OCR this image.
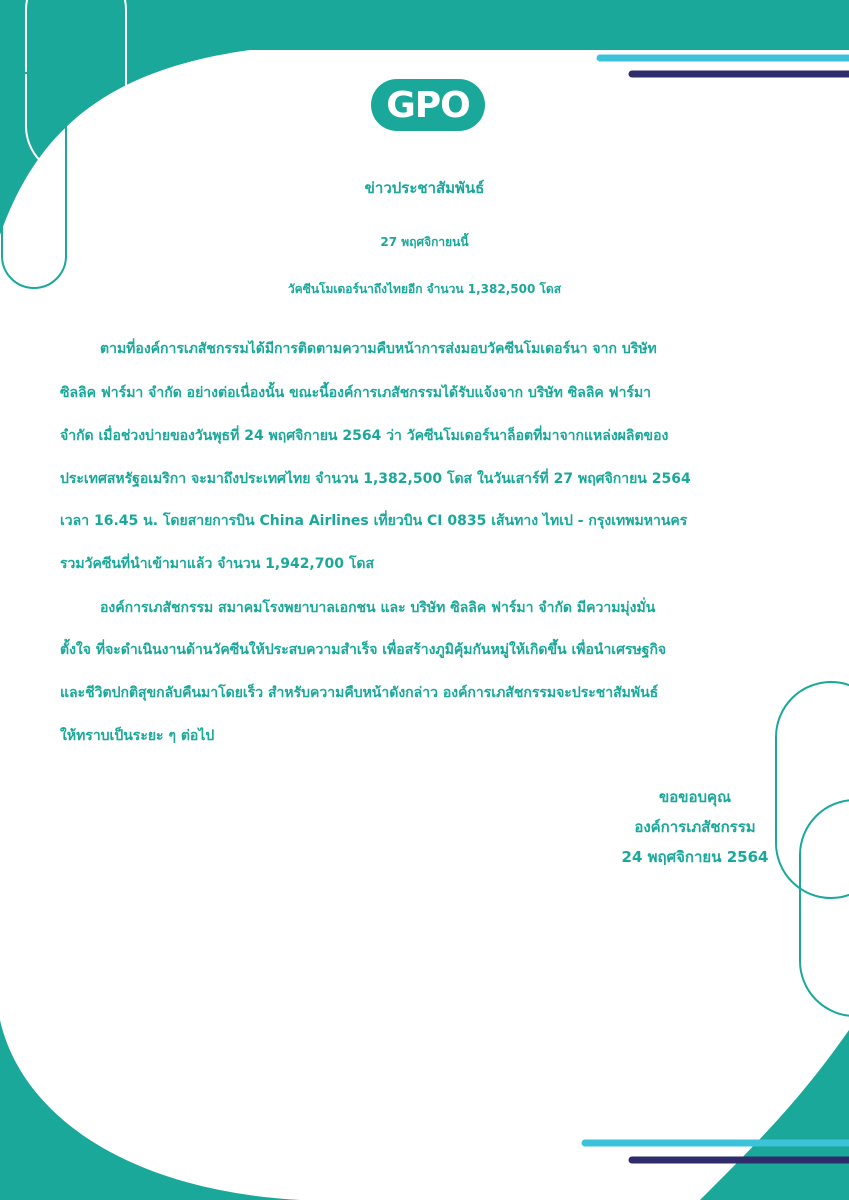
GPO
ข่าวประชาสัมพันธ์
27 พฤศจิกายนนี้
วัคซีนโมเดอร์นาถึงไทยอีก จำนวน 1,382,500 โดส
ตามที่องค์การเภสัชกรรมได้มีการติดตามความคืบหน้าการส่งมอบวัคซีนโมเดอร์นา จาก บริษัท
ซิลลิค ฟาร์มา จำกัด อย่างต่อเนื่องนั้น ขณะนี้องค์การเภสัชกรรมได้รับแจ้งจาก บริษัท ซิลลิค ฟาร์มา
จำกัด เมื่อช่วงบ่ายของวันพุธที่ 24 พฤศจิกายน 2564 ว่า วัคซีนโมเดอร์นาล็อตที่มาจากแหล่งผลิตของ
ประเทศสหรัฐอเมริกา จะมาถึงประเทศไทย จำนวน 1,382,500 โดส ในวันเสาร์ที่ 27 พฤศจิกายน 2564
เวลา 16.45 น. โดยสายการบิน China Airlines เที่ยวบิน CI 0835 เส้นทาง ไทเป - กรุงเทพมหานคร
รวมวัคซีนที่นำเข้ามาแล้ว จำนวน 1,942,700 โดส
องค์การเภสัชกรรม สมาคมโรงพยาบาลเอกชน และ บริษัท ซิลลิค ฟาร์มา จำกัด มีความมุ่งมั่น
ตั้งใจ ที่จะดำเนินงานด้านวัคซีนให้ประสบความสำเร็จ เพื่อสร้างภูมิคุ้มกันหมู่ให้เกิดขึ้น เพื่อนำเศรษฐกิจ
และชีวิตปกติสุขกลับคืนมาโดยเร็ว สำหรับความคืบหน้าดังกล่าว องค์การเภสัชกรรมจะประชาสัมพันธ์
ให้ทราบเป็นระยะ ๆ ต่อไป
ขอขอบคุณ
องค์การเภสัชกรรม
24 พฤศจิกายน 2564
